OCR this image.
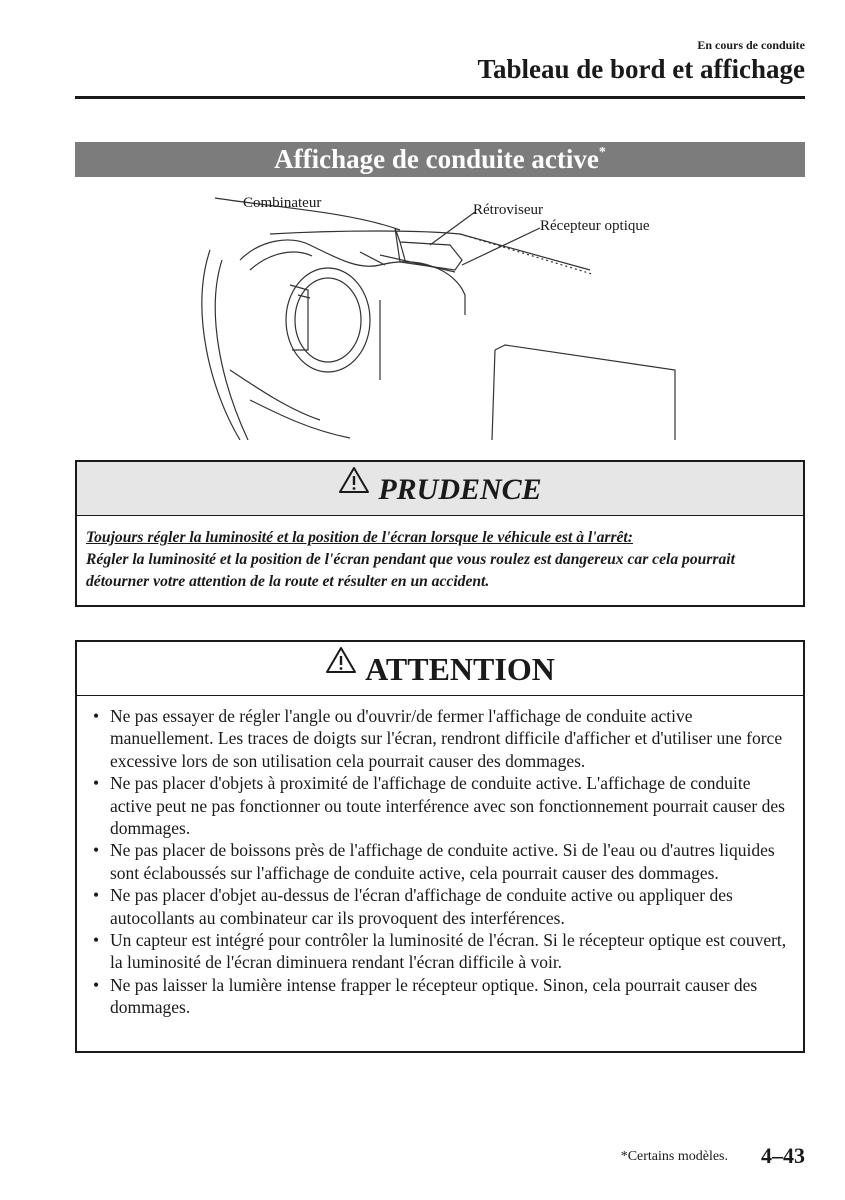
En cours de conduite
Tableau de bord et affichage
Affichage de conduite active*
Combinateur	Rétroviseur
Récepteur optique
PRUDENCE
Toujours régler la luminosité et la position de l'écran lorsque le véhicule est à l'arrêt:
Régler la luminosité et la position de l'écran pendant que vous roulez est dangereux car cela pourrait détourner votre attention de la route et résulter en un accident.
ATTENTION
• Ne pas essayer de régler l'angle ou d'ouvrir/de fermer l'affichage de conduite active manuellement. Les traces de doigts sur l'écran, rendront difficile d'afficher et d'utiliser une force excessive lors de son utilisation cela pourrait causer des dommages.
• Ne pas placer d'objets à proximité de l'affichage de conduite active. L'affichage de conduite active peut ne pas fonctionner ou toute interférence avec son fonctionnement pourrait causer des dommages.
• Ne pas placer de boissons près de l'affichage de conduite active. Si de l'eau ou d'autres liquides sont éclaboussés sur l'affichage de conduite active, cela pourrait causer des dommages.
• Ne pas placer d'objet au-dessus de l'écran d'affichage de conduite active ou appliquer des autocollants au combinateur car ils provoquent des interférences.
• Un capteur est intégré pour contrôler la luminosité de l'écran. Si le récepteur optique est couvert, la luminosité de l'écran diminuera rendant l'écran difficile à voir.
• Ne pas laisser la lumière intense frapper le récepteur optique. Sinon, cela pourrait causer des dommages.
*Certains modèles. 4–43
